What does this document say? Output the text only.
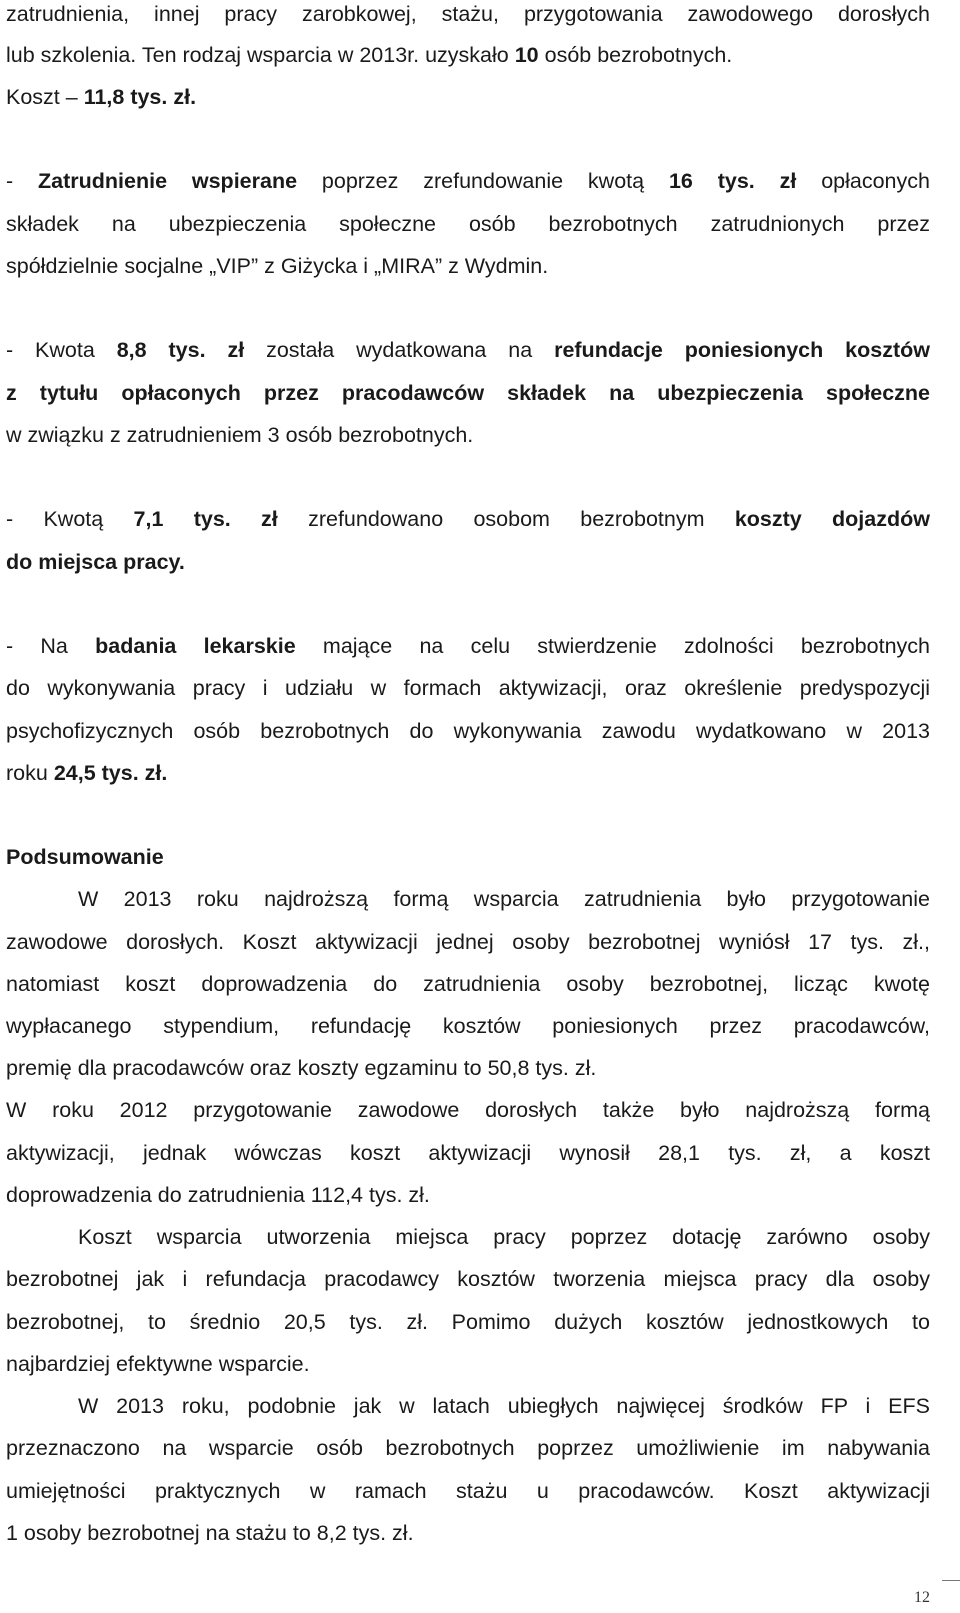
zatrudnienia, innej pracy zarobkowej, stażu, przygotowania zawodowego dorosłych
lub szkolenia. Ten rodzaj wsparcia w 2013r. uzyskało 10 osób bezrobotnych.
Koszt – 11,8 tys. zł.
- Zatrudnienie wspierane poprzez zrefundowanie kwotą 16 tys. zł opłaconych
składek na ubezpieczenia społeczne osób bezrobotnych zatrudnionych przez
spółdzielnie socjalne „VIP” z Giżycka i „MIRA” z Wydmin.
- Kwota 8,8 tys. zł została wydatkowana na refundacje poniesionych kosztów
z tytułu opłaconych przez pracodawców składek na ubezpieczenia społeczne
w związku z zatrudnieniem 3 osób bezrobotnych.
- Kwotą 7,1 tys. zł zrefundowano osobom bezrobotnym koszty dojazdów
do miejsca pracy.
- Na badania lekarskie mające na celu stwierdzenie zdolności bezrobotnych
do wykonywania pracy i udziału w formach aktywizacji, oraz określenie predyspozycji
psychofizycznych osób bezrobotnych do wykonywania zawodu wydatkowano w 2013
roku 24,5 tys. zł.
Podsumowanie
W 2013 roku najdroższą formą wsparcia zatrudnienia było przygotowanie
zawodowe dorosłych. Koszt aktywizacji jednej osoby bezrobotnej wyniósł 17 tys. zł.,
natomiast koszt doprowadzenia do zatrudnienia osoby bezrobotnej, licząc kwotę
wypłacanego stypendium, refundację kosztów poniesionych przez pracodawców,
premię dla pracodawców oraz koszty egzaminu to 50,8 tys. zł.
W roku 2012 przygotowanie zawodowe dorosłych także było najdroższą formą
aktywizacji, jednak wówczas koszt aktywizacji wynosił 28,1 tys. zł, a koszt
doprowadzenia do zatrudnienia 112,4 tys. zł.
Koszt wsparcia utworzenia miejsca pracy poprzez dotację zarówno osoby
bezrobotnej jak i refundacja pracodawcy kosztów tworzenia miejsca pracy dla osoby
bezrobotnej, to średnio 20,5 tys. zł. Pomimo dużych kosztów jednostkowych to
najbardziej efektywne wsparcie.
W 2013 roku, podobnie jak w latach ubiegłych najwięcej środków FP i EFS
przeznaczono na wsparcie osób bezrobotnych poprzez umożliwienie im nabywania
umiejętności praktycznych w ramach stażu u pracodawców. Koszt aktywizacji
1 osoby bezrobotnej na stażu to 8,2 tys. zł.
12
